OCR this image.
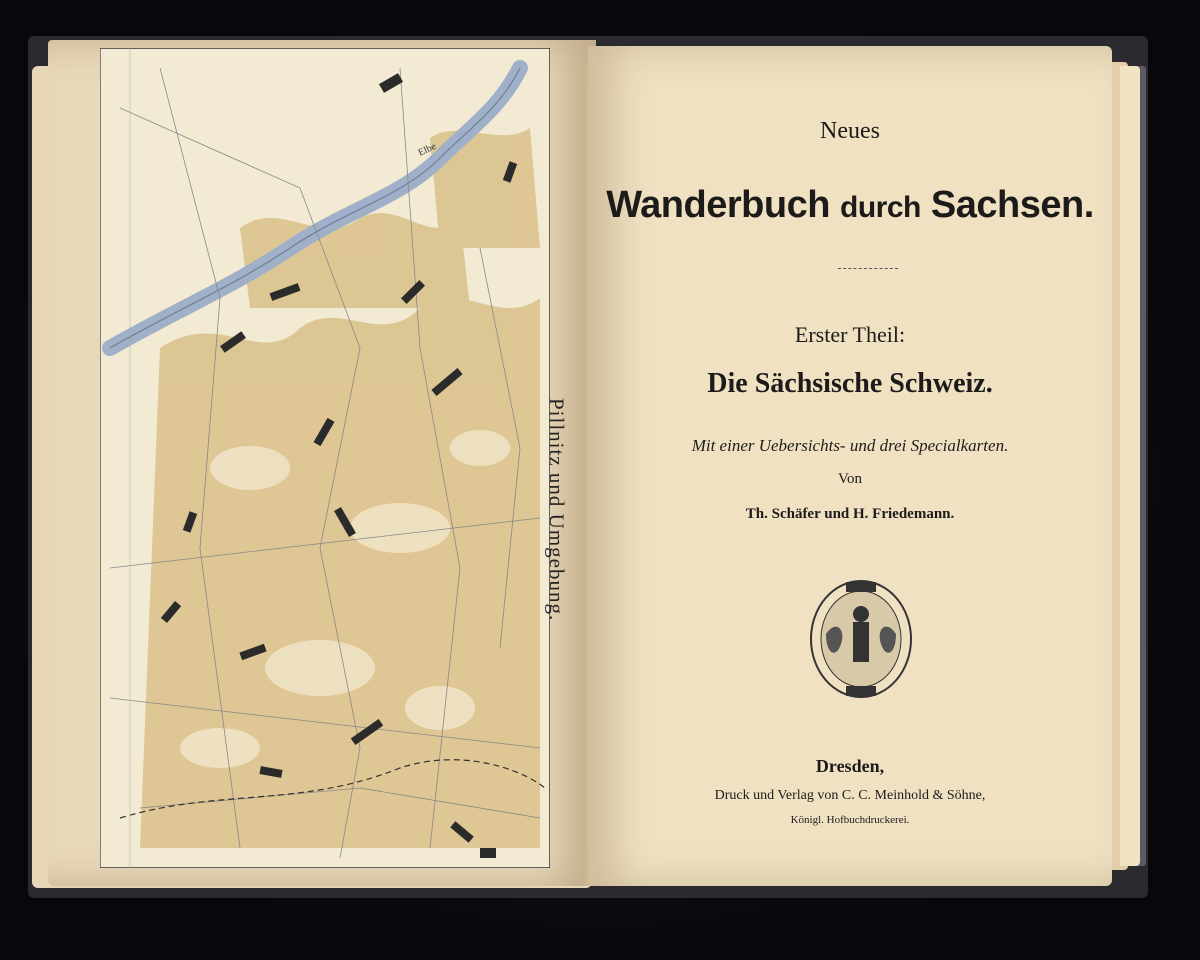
Elbe
Pillnitz und Umgebung.
Neues
Wanderbuch durch Sachsen.
Erster Theil:
Die Sächsische Schweiz.
Mit einer Uebersichts- und drei Specialkarten.
Von
Th. Schäfer und H. Friedemann.
Dresden,
Druck und Verlag von C. C. Meinhold & Söhne,
Königl. Hofbuchdruckerei.
